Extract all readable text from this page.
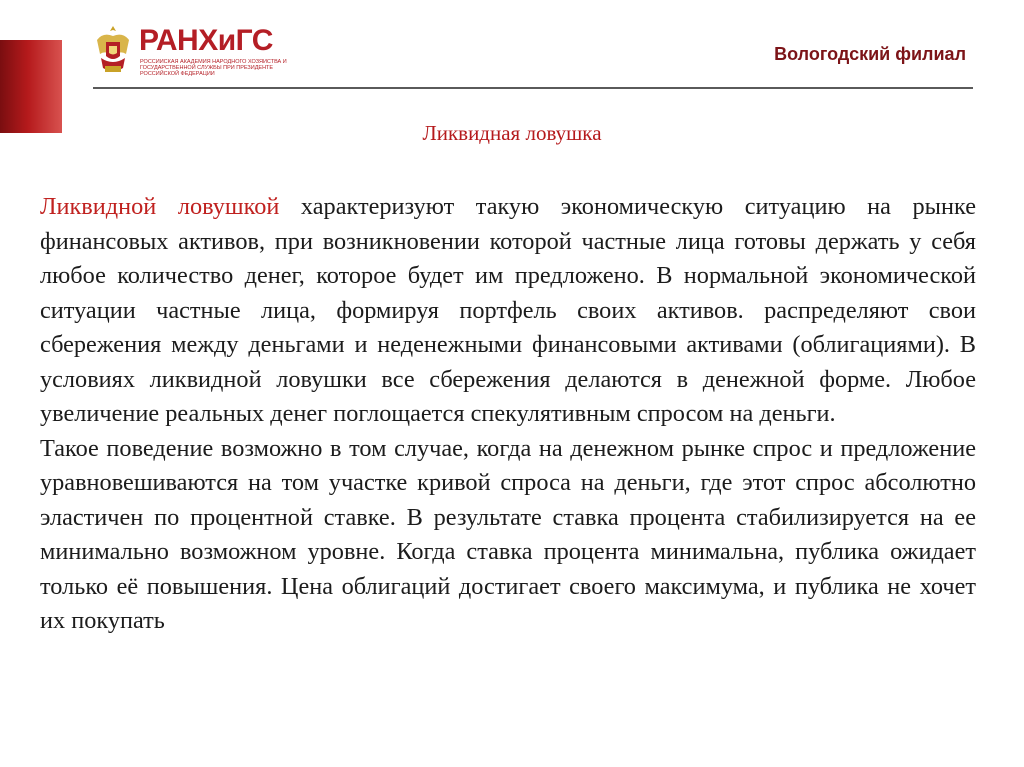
РАНХиГС
РОССИЙСКАЯ АКАДЕМИЯ НАРОДНОГО ХОЗЯЙСТВА И ГОСУДАРСТВЕННОЙ СЛУЖБЫ ПРИ ПРЕЗИДЕНТЕ РОССИЙСКОЙ ФЕДЕРАЦИИ
Вологодский филиал
Ликвидная ловушка

Ликвидной ловушкой характеризуют такую экономическую ситуацию на рынке финансовых активов, при возникновении которой частные лица готовы держать у себя любое количество денег, которое будет им предложено. В нормальной экономической ситуации частные лица, формируя портфель своих активов. распределяют свои сбережения между деньгами и неденежными финансовыми активами (облигациями). В условиях ликвидной ловушки все сбережения делаются в денежной форме. Любое увеличение реальных денег поглощается спекулятивным спросом на деньги.

Такое поведение возможно в том случае, когда на денежном рынке спрос и предложение уравновешиваются на том участке кривой спроса на деньги, где этот спрос абсолютно эластичен по процентной ставке. В результате ставка процента стабилизируется на ее минимально возможном уровне. Когда ставка процента минимальна, публика ожидает только её повышения. Цена облигаций достигает своего максимума, и публика не хочет их покупать
